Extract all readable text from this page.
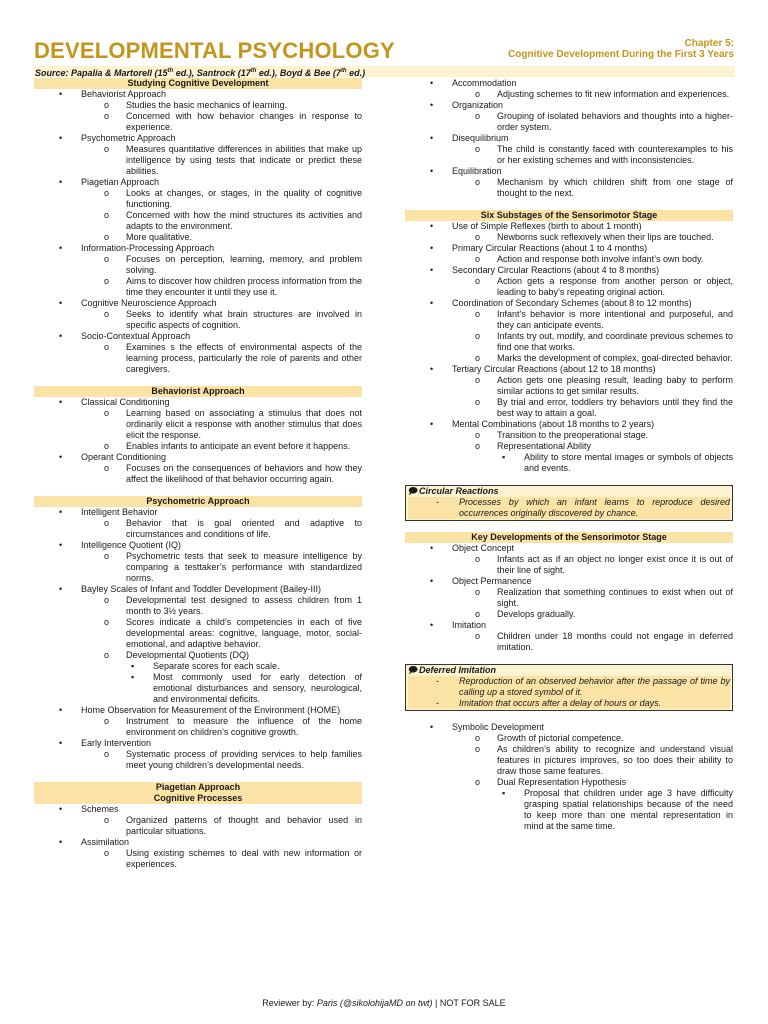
DEVELOPMENTAL PSYCHOLOGY	Chapter 5:
Cognitive Development During the First 3 Years
Source: Papalia & Martorell (15th ed.), Santrock (17th ed.), Boyd & Bee (7th ed.)
Studying Cognitive Development
• Behaviorist Approach
o Studies the basic mechanics of learning.
o Concerned with how behavior changes in response to experience.
• Psychometric Approach
o Measures quantitative differences in abilities that make up intelligence by using tests that indicate or predict these abilities.
• Piagetian Approach
o Looks at changes, or stages, in the quality of cognitive functioning.
o Concerned with how the mind structures its activities and adapts to the environment.
o More qualitative.
• Information-Processing Approach
o Focuses on perception, learning, memory, and problem solving.
o Aims to discover how children process information from the time they encounter it until they use it.
• Cognitive Neuroscience Approach
o Seeks to identify what brain structures are involved in specific aspects of cognition.
• Socio-Contextual Approach
o Examines s the effects of environmental aspects of the learning process, particularly the role of parents and other caregivers.
Behaviorist Approach
• Classical Conditioning
o Learning based on associating a stimulus that does not ordinarily elicit a response with another stimulus that does elicit the response.
o Enables infants to anticipate an event before it happens.
• Operant Conditioning
o Focuses on the consequences of behaviors and how they affect the likelihood of that behavior occurring again.
Psychometric Approach
• Intelligent Behavior
o Behavior that is goal oriented and adaptive to circumstances and conditions of life.
• Intelligence Quotient (IQ)
o Psychometric tests that seek to measure intelligence by comparing a testtaker’s performance with standardized norms.
• Bayley Scales of Infant and Toddler Development (Bailey-III)
o Developmental test designed to assess children from 1 month to 3½ years.
o Scores indicate a child’s competencies in each of five developmental areas: cognitive, language, motor, social-emotional, and adaptive behavior.
o Developmental Quotients (DQ)
▪ Separate scores for each scale.
▪ Most commonly used for early detection of emotional disturbances and sensory, neurological, and environmental deficits.
• Home Observation for Measurement of the Environment (HOME)
o Instrument to measure the influence of the home environment on children’s cognitive growth.
• Early Intervention
o Systematic process of providing services to help families meet young children’s developmental needs.
Piagetian Approach
Cognitive Processes
• Schemes
o Organized patterns of thought and behavior used in particular situations.
• Assimilation
o Using existing schemes to deal with new information or experiences.
• Accommodation
o Adjusting schemes to fit new information and experiences.
• Organization
o Grouping of isolated behaviors and thoughts into a higher-order system.
• Disequilibrium
o The child is constantly faced with counterexamples to his or her existing schemes and with inconsistencies.
• Equilibration
o Mechanism by which children shift from one stage of thought to the next.
Six Substages of the Sensorimotor Stage
• Use of Simple Reflexes (birth to about 1 month)
o Newborns suck reflexively when their lips are touched.
• Primary Circular Reactions (about 1 to 4 months)
o Action and response both involve infant’s own body.
• Secondary Circular Reactions (about 4 to 8 months)
o Action gets a response from another person or object, leading to baby’s repeating original action.
• Coordination of Secondary Schemes (about 8 to 12 months)
o Infant’s behavior is more intentional and purposeful, and they can anticipate events.
o Infants try out, modify, and coordinate previous schemes to find one that works.
o Marks the development of complex, goal-directed behavior.
• Tertiary Circular Reactions (about 12 to 18 months)
o Action gets one pleasing result, leading baby to perform similar actions to get similar results.
o By trial and error, toddlers try behaviors until they find the best way to attain a goal.
• Mental Combinations (about 18 months to 2 years)
o Transition to the preoperational stage.
o Representational Ability
▪ Ability to store mental images or symbols of objects and events.
🗩Circular Reactions
- Processes by which an infant learns to reproduce desired occurrences originally discovered by chance.
Key Developments of the Sensorimotor Stage
• Object Concept
o Infants act as if an object no longer exist once it is out of their line of sight.
• Object Permanence
o Realization that something continues to exist when out of sight.
o Develops gradually.
• Imitation
o Children under 18 months could not engage in deferred imitation.
🗩Deferred Imitation
- Reproduction of an observed behavior after the passage of time by calling up a stored symbol of it.
- Imitation that occurs after a delay of hours or days.
• Symbolic Development
o Growth of pictorial competence.
o As children’s ability to recognize and understand visual features in pictures improves, so too does their ability to draw those same features.
o Dual Representation Hypothesis
▪ Proposal that children under age 3 have difficulty grasping spatial relationships because of the need to keep more than one mental representation in mind at the same time.
Reviewer by: Paris (@sikolohijaMD on twt) | NOT FOR SALE
